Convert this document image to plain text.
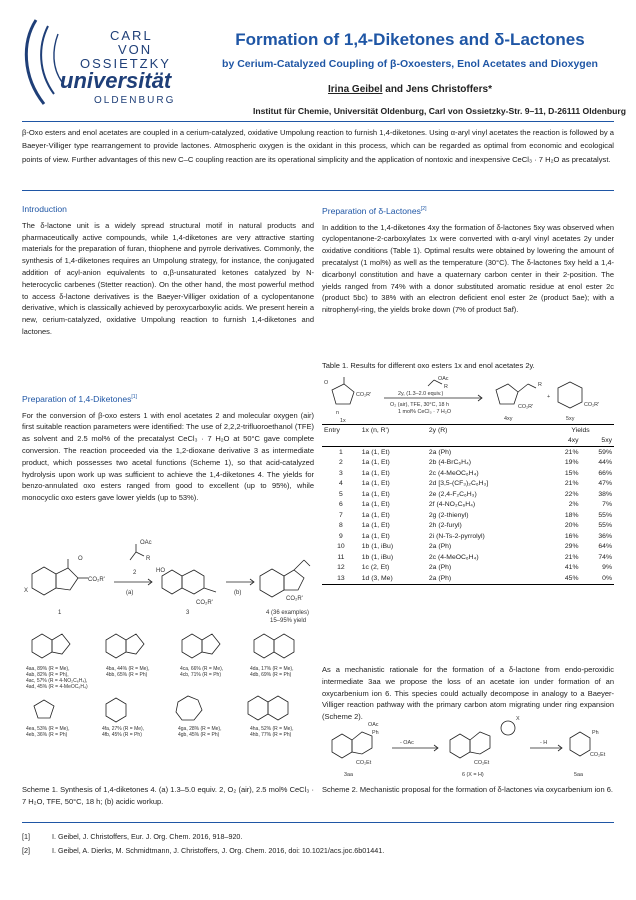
CARL
VON
OSSIETZKY
universität
OLDENBURG
Formation of 1,4-Diketones and δ-Lactones
by Cerium-Catalyzed Coupling of β-Oxoesters, Enol Acetates and Dioxygen
Irina Geibel and Jens Christoffers*
Institut für Chemie, Universität Oldenburg, Carl von Ossietzky-Str. 9–11, D-26111 Oldenburg
β-Oxo esters and enol acetates are coupled in a cerium-catalyzed, oxidative Umpolung reaction to furnish 1,4-diketones. Using α-aryl vinyl acetates the reaction is followed by a Baeyer-Villiger type rearrangement to provide lactones. Atmospheric oxygen is the oxidant in this process, which can be regarded as optimal from economic and ecological points of view. Further advantages of this new C–C coupling reaction are its operational simplicity and the application of nontoxic and inexpensive CeCl₃ · 7 H₂O as precatalyst.
Introduction

The δ-lactone unit is a widely spread structural motif in natural products and pharmaceutically active compounds, while 1,4-diketones are very attractive starting materials for the preparation of furan, thiophene and pyrrole derivatives. Commonly, the synthesis of 1,4-diketones requires an Umpolung strategy, for instance, the conjugated addition of acyl-anion equivalents to α,β-unsaturated ketones catalyzed by N-heterocyclic carbenes (Stetter reaction). On the other hand, the most powerful method to access δ-lactone derivatives is the Baeyer-Villiger oxidation of a cyclopentanone derivative, which is classically achieved by peroxycarboxylic acids. We present herein a new, cerium-catalyzed, oxidative Umpolung reaction to furnish 1,4-diketones and lactones.

Preparation of 1,4-Diketones[1]

For the conversion of β-oxo esters 1 with enol acetates 2 and molecular oxygen (air) first suitable reaction parameters were identified: The use of 2,2,2-trifluoroethanol (TFE) as solvent and 2.5 mol% of the precatalyst CeCl₃ · 7 H₂O at 50°C gave complete conversion. The reaction proceeded via the 1,2-dioxane derivative 3 as intermediate product, which possesses two acetal functions (Scheme 1), so that acid-catalyzed hydrolysis upon work up was sufficient to achieve the 1,4-diketones 4. The yields for benzo-annulated oxo esters ranged from good to excellent (up to 95%), while monocyclic oxo esters gave lower yields (up to 53%).

O
CO₂R'
X
1
OAc
R
2
(a)
HO
CO₂R'
3
(b)
CO₂R'
4 (36 examples)
15–95% yield
4aa, 89% (R = Me),
4ab, 82% (R = Ph),
4ac, 57% (R = 4-NO₂C₆H₄),
4ad, 45% (R = 4-MeOC₆H₄)
4ba, 44% (R = Me),
4bb, 65% (R = Ph)
4ca, 66% (R = Me),
4cb, 71% (R = Ph)
4da, 17% (R = Me),
4db, 69% (R = Ph)
4ea, 53% (R = Me),
4eb, 36% (R = Ph)
4fa, 27% (R = Me),
4fb, 45% (R = Ph)
4ga, 28% (R = Me),
4gb, 45% (R = Ph)
4ha, 52% (R = Me),
4hb, 77% (R = Ph)
Scheme 1. Synthesis of 1,4-diketones 4. (a) 1.3–5.0 equiv. 2, O₂ (air), 2.5 mol% CeCl₃ · 7 H₂O, TFE, 50°C, 18 h; (b) acidic workup.
Preparation of δ-Lactones[2]

In addition to the 1,4-diketones 4xy the formation of δ-lactones 5xy was observed when cyclopentanone-2-carboxylates 1x were converted with α-aryl vinyl acetates 2y under oxidative conditions (Table 1). Optimal results were obtained by lowering the amount of precatalyst (1 mol%) as well as the temperature (30°C). The δ-lactones 5xy held a 1,4-dicarbonyl constitution and have a quaternary carbon center in their 2-position. The yields ranged from 74% with a donor substituted aromatic residue at enol ester 2c (product 5bc) to 38% with an electron deficient enol ester 2e (product 5ae); with a nitrophenyl-ring, the yields broke down (7% of product 5af).

Table 1. Results for different oxo esters 1x and enol acetates 2y.
O
CO₂R'
n
1x
OAc
R
2y, (1.3–2.0 equiv.)
O₂ (air), TFE, 30°C, 18 h
1 mol% CeCl₃ · 7 H₂O
R
CO₂R'
4xy
+
CO₂R'
5xy
Entry	1x (n, R')	2y (R)	Yields	
			4xy	5xy
1	1a (1, Et)	2a (Ph)	21%	59%
2	1a (1, Et)	2b (4-BrC₆H₄)	19%	44%
3	1a (1, Et)	2c (4-MeOC₆H₄)	15%	66%
4	1a (1, Et)	2d [3,5-(CF₃)₂C₆H₃]	21%	47%
5	1a (1, Et)	2e (2,4-F₂C₆H₃)	22%	38%
6	1a (1, Et)	2f (4-NO₂C₆H₄)	2%	7%
7	1a (1, Et)	2g (2-thienyl)	18%	55%
8	1a (1, Et)	2h (2-furyl)	20%	55%
9	1a (1, Et)	2i (N-Ts-2-pyrrolyl)	16%	36%
10	1b (1, iBu)	2a (Ph)	29%	64%
11	1b (1, iBu)	2c (4-MeOC₆H₄)	21%	74%
12	1c (2, Et)	2a (Ph)	41%	9%
13	1d (3, Me)	2a (Ph)	45%	0%
As a mechanistic rationale for the formation of a δ-lactone from endo-peroxidic intermediate 3aa we propose the loss of an acetate ion under formation of an oxycarbenium ion 6. This species could actually decompose in analogy to a Baeyer-Villiger reaction pathway with the primary carbon atom migrating under ring expansion (Scheme 2).
OAc
Ph
CO₂Et
3aa
- OAc
X
CO₂Et
6 (X = H)
- H
Ph
CO₂Et
5aa
Scheme 2. Mechanistic proposal for the formation of δ-lactones via oxycarbenium ion 6.
[1]	I. Geibel, J. Christoffers, Eur. J. Org. Chem. 2016, 918–920.
[2]	I. Geibel, A. Dierks, M. Schmidtmann, J. Christoffers, J. Org. Chem. 2016, doi: 10.1021/acs.joc.6b01441.
